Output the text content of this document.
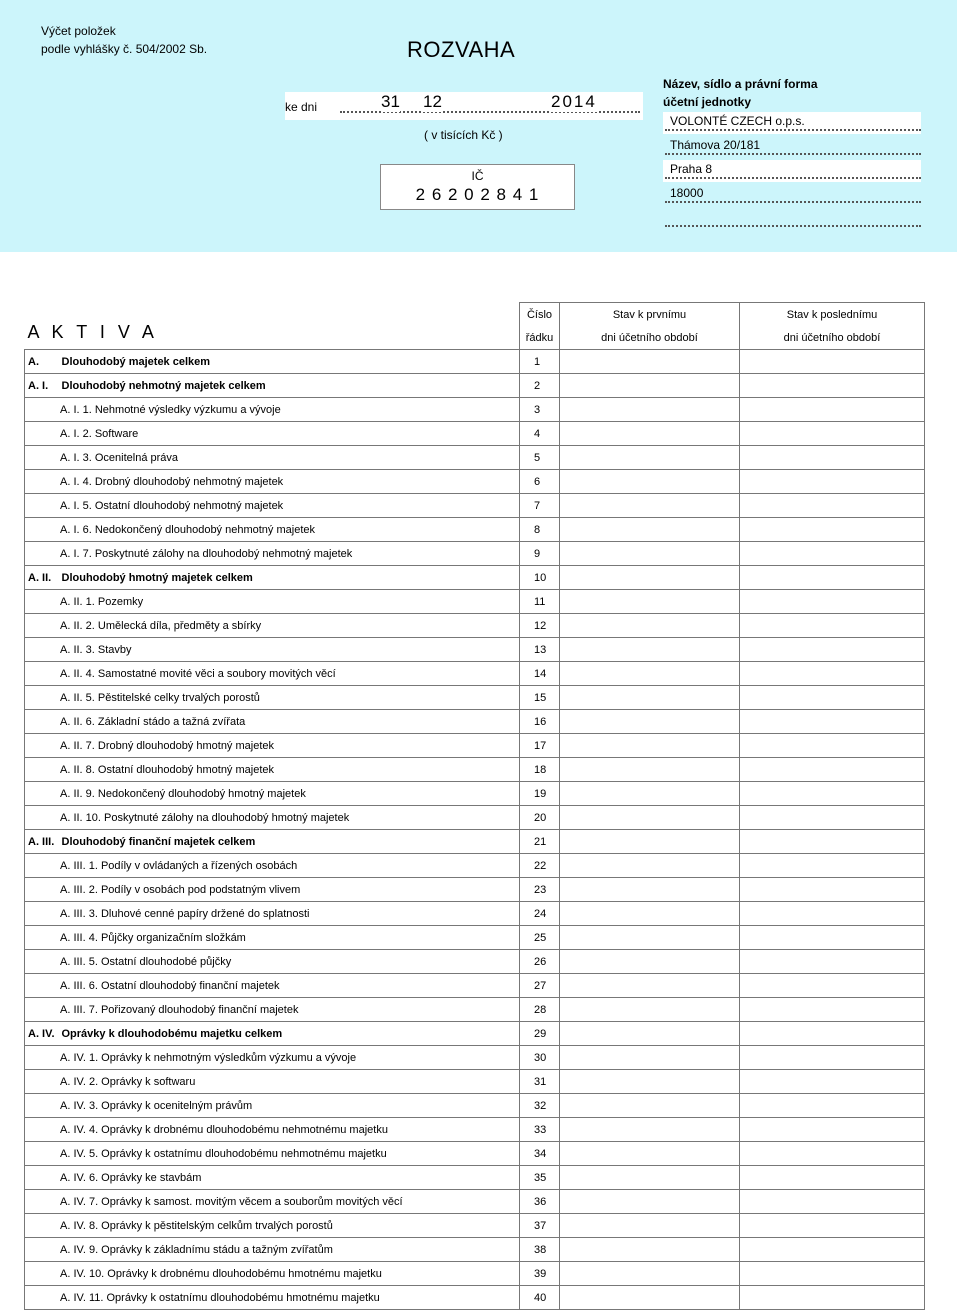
Výčet položek
podle vyhlášky č. 504/2002 Sb.	ROZVAHA
ke dni	31 12	2014
( v tisících Kč )
IČ
2 6 2 0 2 8 4 1
Název, sídlo a právní forma
účetní jednotky
VOLONTÉ CZECH o.p.s.
Thámova 20/181
Praha 8
18000
A K T I V A		Číslo	Stav k prvnímu	Stav k poslednímu
		řádku	dni účetního období	dni účetního období
A.	Dlouhodobý majetek celkem	1		
A. I.	Dlouhodobý nehmotný majetek celkem	2		
A. I. 1. Nehmotné výsledky výzkumu a vývoje		3		
A. I. 2. Software		4		
A. I. 3. Ocenitelná práva		5		
A. I. 4. Drobný dlouhodobý nehmotný majetek		6		
A. I. 5. Ostatní dlouhodobý nehmotný majetek		7		
A. I. 6. Nedokončený dlouhodobý nehmotný majetek		8		
A. I. 7. Poskytnuté zálohy na dlouhodobý nehmotný majetek		9		
A. II.	Dlouhodobý hmotný majetek celkem	10		
A. II. 1. Pozemky		11		
A. II. 2. Umělecká díla, předměty a sbírky		12		
A. II. 3. Stavby		13		
A. II. 4. Samostatné movité věci a soubory movitých věcí		14		
A. II. 5. Pěstitelské celky trvalých porostů		15		
A. II. 6. Základní stádo a tažná zvířata		16		
A. II. 7. Drobný dlouhodobý hmotný majetek		17		
A. II. 8. Ostatní dlouhodobý hmotný majetek		18		
A. II. 9. Nedokončený dlouhodobý hmotný majetek		19		
A. II. 10. Poskytnuté zálohy na dlouhodobý hmotný majetek		20		
A. III.	Dlouhodobý finanční majetek celkem	21		
A. III. 1. Podíly v ovládaných a řízených osobách		22		
A. III. 2. Podíly v osobách pod podstatným vlivem		23		
A. III. 3. Dluhové cenné papíry držené do splatnosti		24		
A. III. 4. Půjčky organizačním složkám		25		
A. III. 5. Ostatní dlouhodobé půjčky		26		
A. III. 6. Ostatní dlouhodobý finanční majetek		27		
A. III. 7. Pořizovaný dlouhodobý finanční majetek		28		
A. IV.	Oprávky k dlouhodobému majetku celkem	29		
A. IV. 1. Oprávky k nehmotným výsledkům výzkumu a vývoje		30		
A. IV. 2. Oprávky k softwaru		31		
A. IV. 3. Oprávky k ocenitelným právům		32		
A. IV. 4. Oprávky k drobnému dlouhodobému nehmotnému majetku		33		
A. IV. 5. Oprávky k ostatnímu dlouhodobému nehmotnému majetku		34		
A. IV. 6. Oprávky ke stavbám		35		
A. IV. 7. Oprávky k samost. movitým věcem a souborům movitých věcí		36		
A. IV. 8. Oprávky k pěstitelským celkům trvalých porostů		37		
A. IV. 9. Oprávky k základnímu stádu a tažným zvířatům		38		
A. IV. 10. Oprávky k drobnému dlouhodobému hmotnému majetku		39		
A. IV. 11. Oprávky k ostatnímu dlouhodobému hmotnému majetku		40		
